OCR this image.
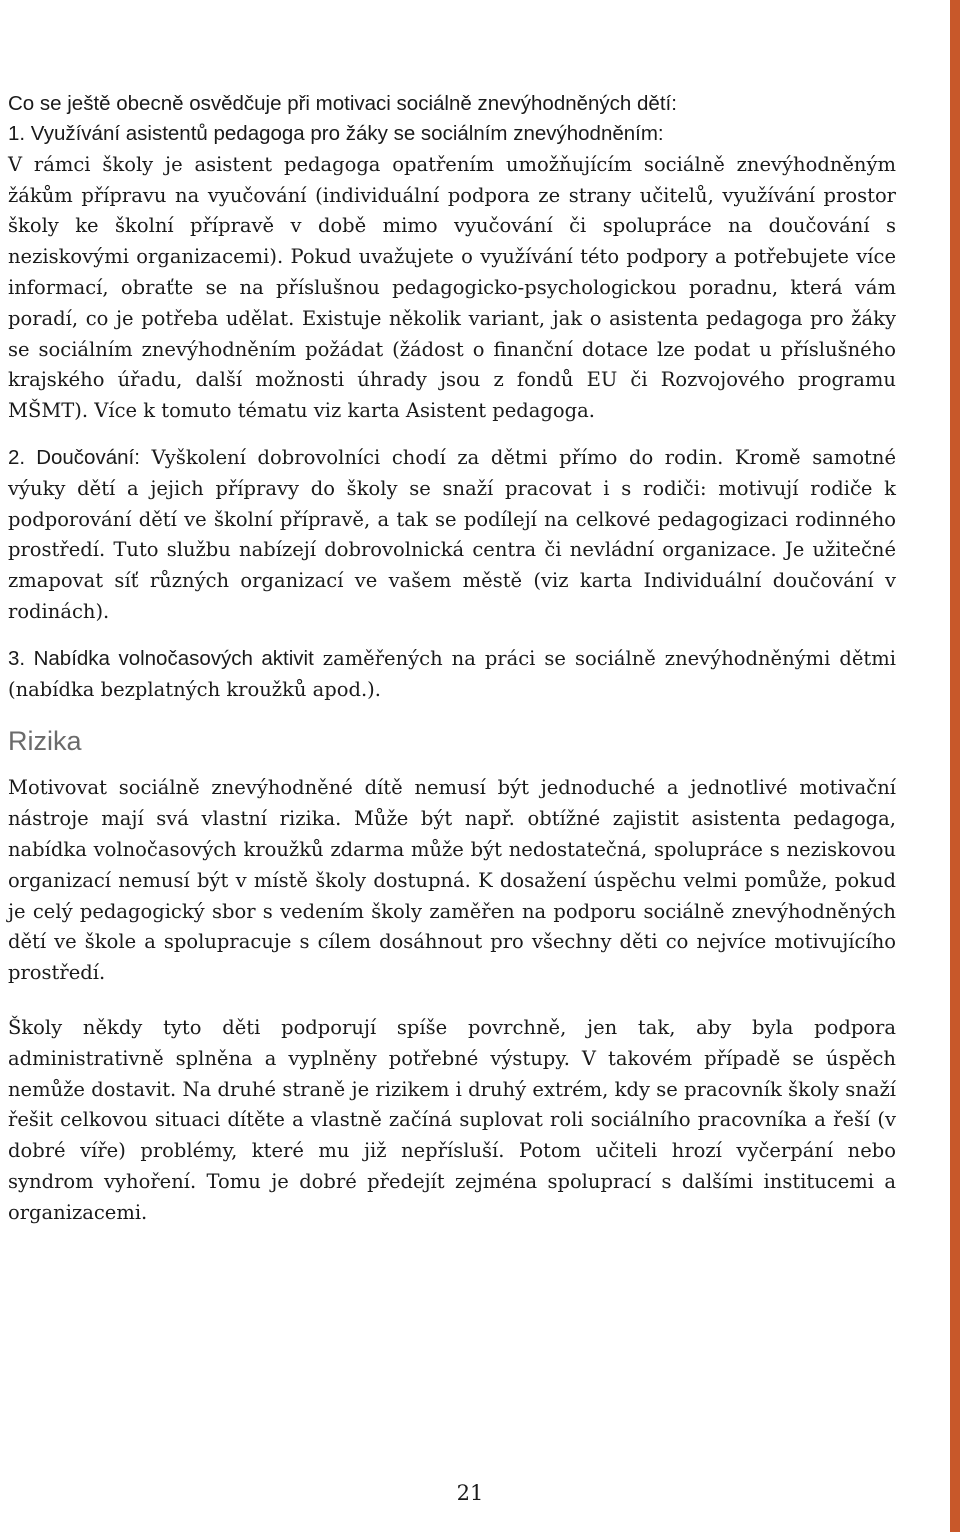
Co se ještě obecně osvědčuje při motivaci sociálně znevýhodněných dětí:

1. Využívání asistentů pedagoga pro žáky se sociálním znevýhodněním:
V rámci školy je asistent pedagoga opatřením umožňujícím sociálně znevýhodněným žákům přípravu na vyučování (individuální podpora ze strany učitelů, využívání prostor školy ke školní přípravě v době mimo vyučování či spolupráce na doučování s neziskovými organizacemi). Pokud uvažujete o využívání této podpory a potřebujete více informací, obraťte se na příslušnou pedagogicko-psychologickou poradnu, která vám poradí, co je potřeba udělat. Existuje několik variant, jak o asistenta pedagoga pro žáky se sociálním znevýhodněním požádat (žádost o finanční dotace lze podat u příslušného krajského úřadu, další možnosti úhrady jsou z fondů EU či Rozvojového programu MŠMT). Více k tomuto tématu viz karta Asistent pedagoga.

2. Doučování: Vyškolení dobrovolníci chodí za dětmi přímo do rodin. Kromě samotné výuky dětí a jejich přípravy do školy se snaží pracovat i s rodiči: motivují rodiče k podporování dětí ve školní přípravě, a tak se podílejí na celkové pedagogizaci rodinného prostředí. Tuto službu nabízejí dobrovolnická centra či nevládní organizace. Je užitečné zmapovat síť různých organizací ve vašem městě (viz karta Individuální doučování v rodinách).

3. Nabídka volnočasových aktivit zaměřených na práci se sociálně znevýhodněnými dětmi (nabídka bezplatných kroužků apod.).

Rizika

Motivovat sociálně znevýhodněné dítě nemusí být jednoduché a jednotlivé motivační nástroje mají svá vlastní rizika. Může být např. obtížné zajistit asistenta pedagoga, nabídka volnočasových kroužků zdarma může být nedostatečná, spolupráce s neziskovou organizací nemusí být v místě školy dostupná. K dosažení úspěchu velmi pomůže, pokud je celý pedagogický sbor s vedením školy zaměřen na podporu sociálně znevýhodněných dětí ve škole a spolupracuje s cílem dosáhnout pro všechny děti co nejvíce motivujícího prostředí.

Školy někdy tyto děti podporují spíše povrchně, jen tak, aby byla podpora administrativně splněna a vyplněny potřebné výstupy. V takovém případě se úspěch nemůže dostavit. Na druhé straně je rizikem i druhý extrém, kdy se pracovník školy snaží řešit celkovou situaci dítěte a vlastně začíná suplovat roli sociálního pracovníka a řeší (v dobré víře) problémy, které mu již nepřísluší. Potom učiteli hrozí vyčerpání nebo syndrom vyhoření. Tomu je dobré předejít zejména spoluprací s dalšími institucemi a organizacemi.

21
